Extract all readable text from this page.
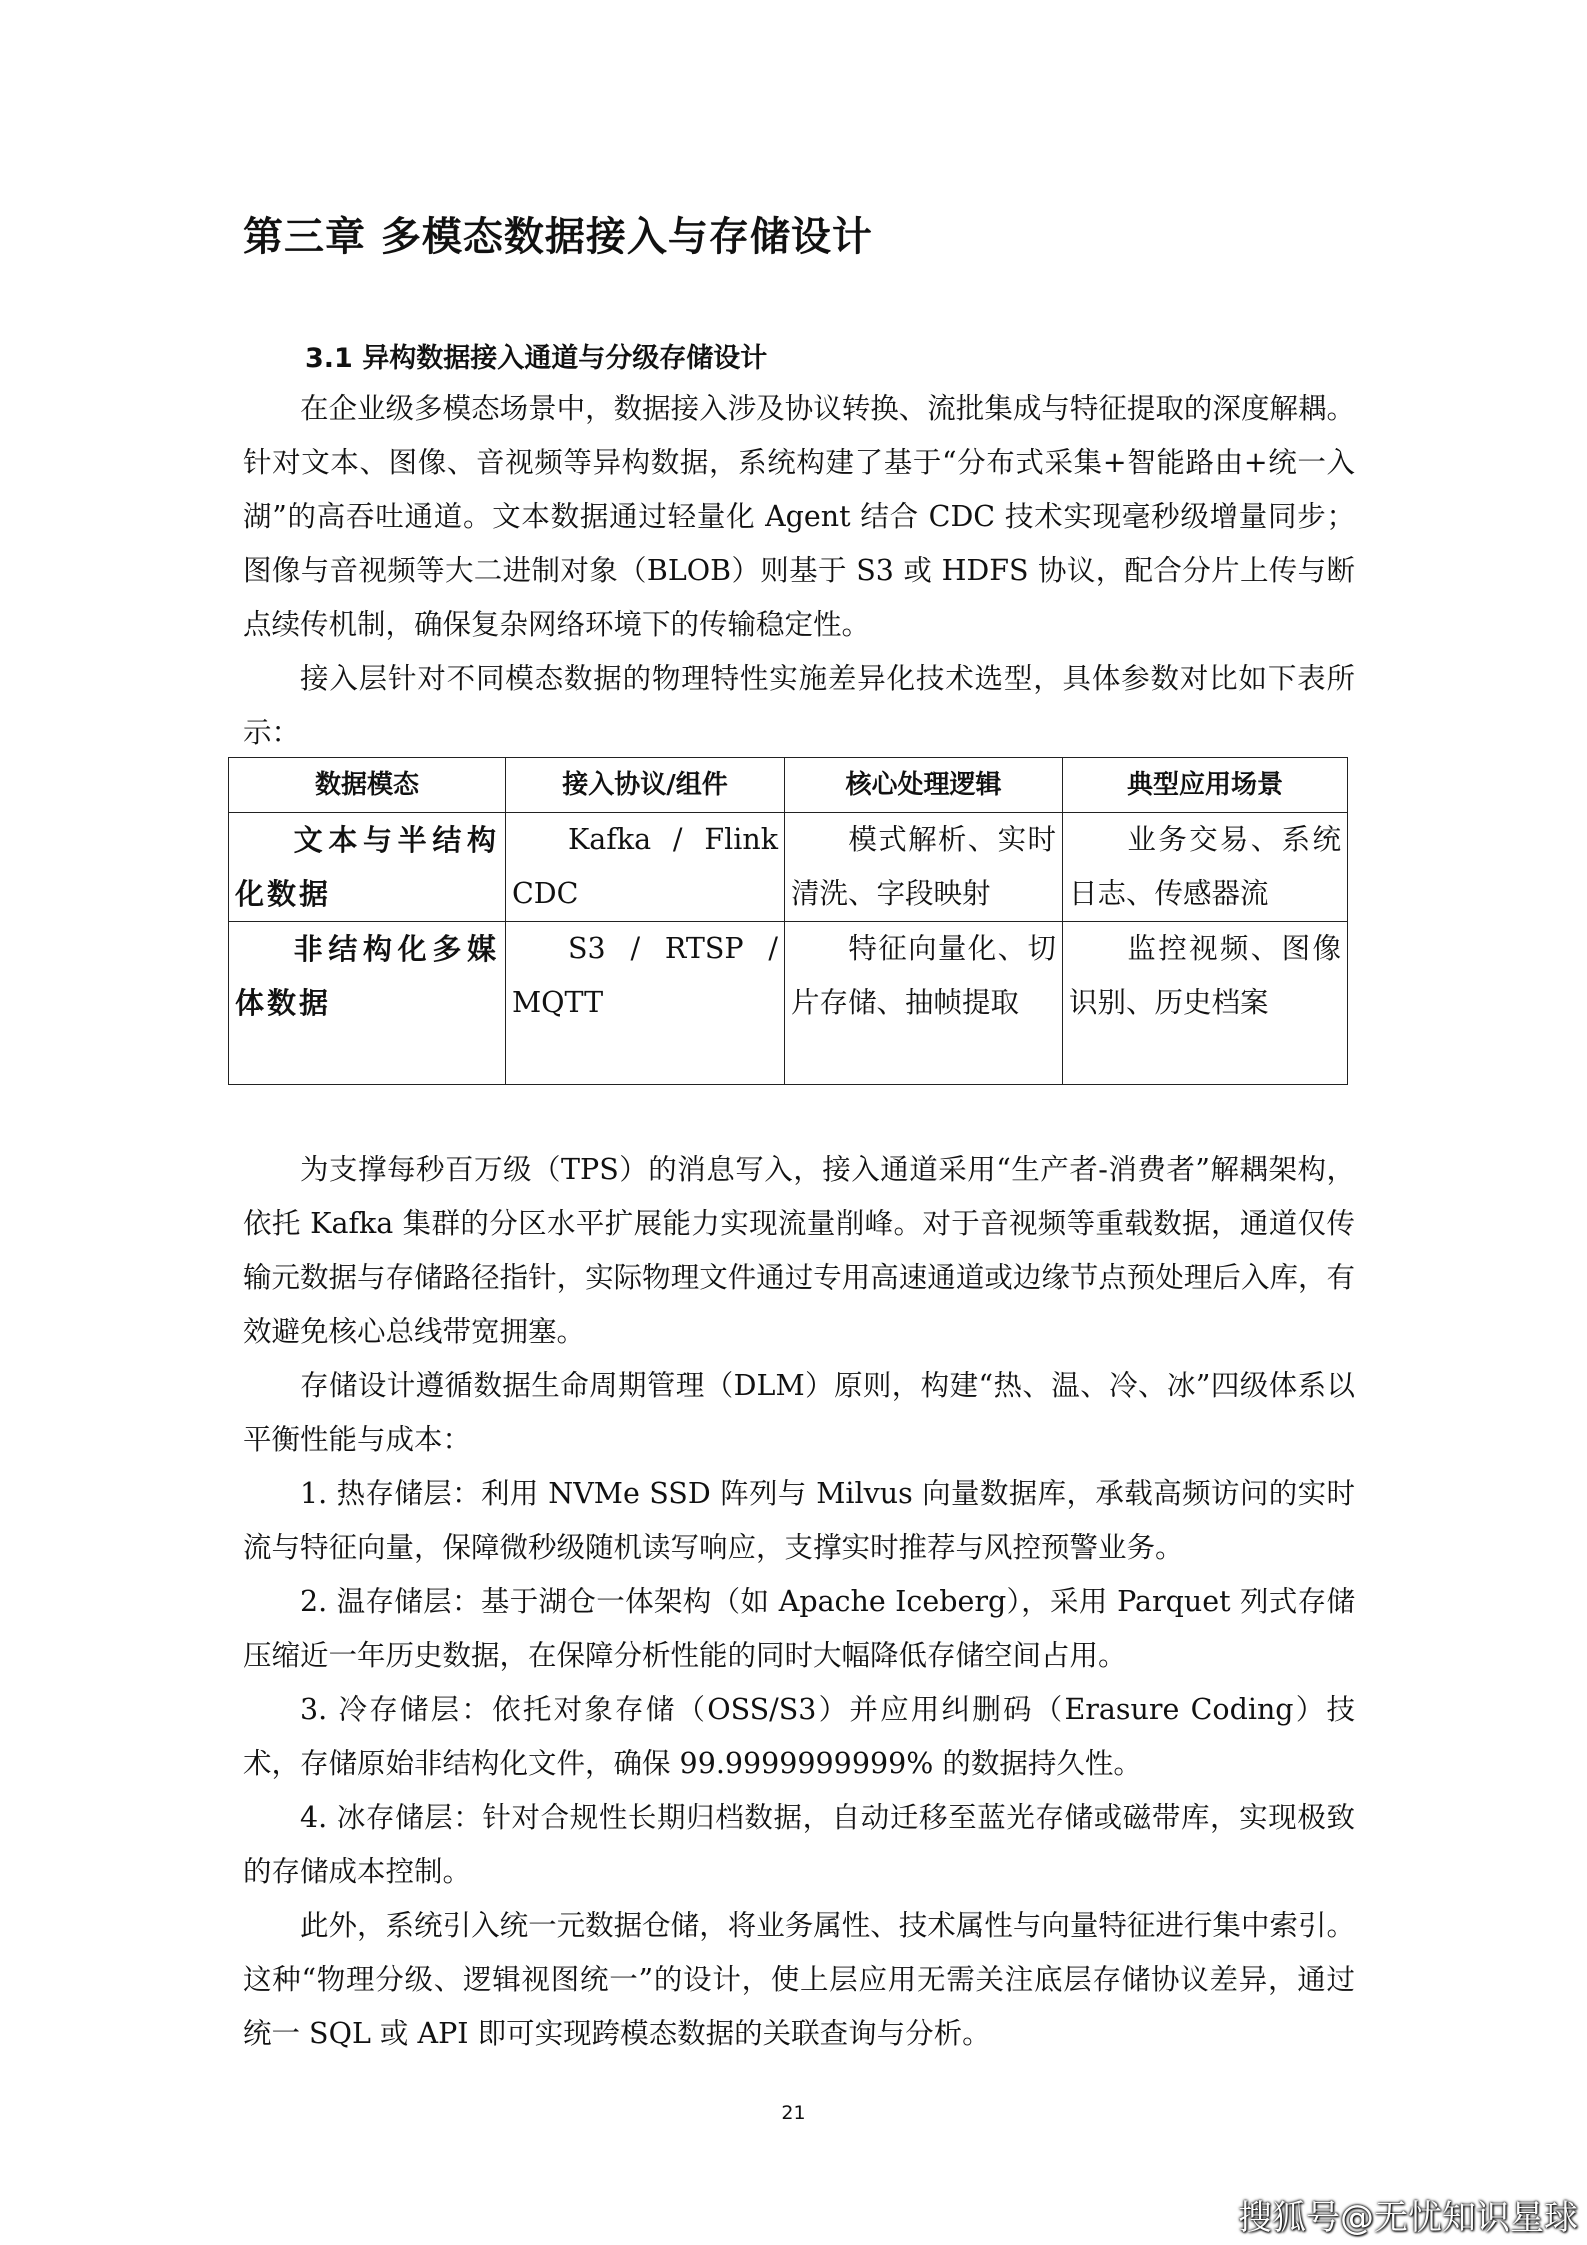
第三章 多模态数据接入与存储设计
3.1 异构数据接入通道与分级存储设计

在企业级多模态场景中，数据接入涉及协议转换、流批集成与特征提取的深度解耦。针对文本、图像、音视频等异构数据，系统构建了基于“分布式采集+智能路由+统一入湖”的高吞吐通道。文本数据通过轻量化 Agent 结合 CDC 技术实现毫秒级增量同步；图像与音视频等大二进制对象（BLOB）则基于 S3 或 HDFS 协议，配合分片上传与断点续传机制，确保复杂网络环境下的传输稳定性。

接入层针对不同模态数据的物理特性实施差异化技术选型，具体参数对比如下表所示：

数据模态	接入协议/组件	核心处理逻辑	典型应用场景
文本与半结构化数据	Kafka / Flink CDC	模式解析、实时清洗、字段映射	业务交易、系统日志、传感器流
非结构化多媒体数据	S3 / RTSP / MQTT	特征向量化、切片存储、抽帧提取	监控视频、图像识别、历史档案

为支撑每秒百万级（TPS）的消息写入，接入通道采用“生产者-消费者”解耦架构，依托 Kafka 集群的分区水平扩展能力实现流量削峰。对于音视频等重载数据，通道仅传输元数据与存储路径指针，实际物理文件通过专用高速通道或边缘节点预处理后入库，有效避免核心总线带宽拥塞。

存储设计遵循数据生命周期管理（DLM）原则，构建“热、温、冷、冰”四级体系以平衡性能与成本：

1. 热存储层：利用 NVMe SSD 阵列与 Milvus 向量数据库，承载高频访问的实时流与特征向量，保障微秒级随机读写响应，支撑实时推荐与风控预警业务。

2. 温存储层：基于湖仓一体架构（如 Apache Iceberg），采用 Parquet 列式存储压缩近一年历史数据，在保障分析性能的同时大幅降低存储空间占用。

3. 冷存储层：依托对象存储（OSS/S3）并应用纠删码（Erasure Coding）技术，存储原始非结构化文件，确保 99.9999999999% 的数据持久性。

4. 冰存储层：针对合规性长期归档数据，自动迁移至蓝光存储或磁带库，实现极致的存储成本控制。

此外，系统引入统一元数据仓储，将业务属性、技术属性与向量特征进行集中索引。这种“物理分级、逻辑视图统一”的设计，使上层应用无需关注底层存储协议差异，通过统一 SQL 或 API 即可实现跨模态数据的关联查询与分析。

21

搜狐号@无忧知识星球
